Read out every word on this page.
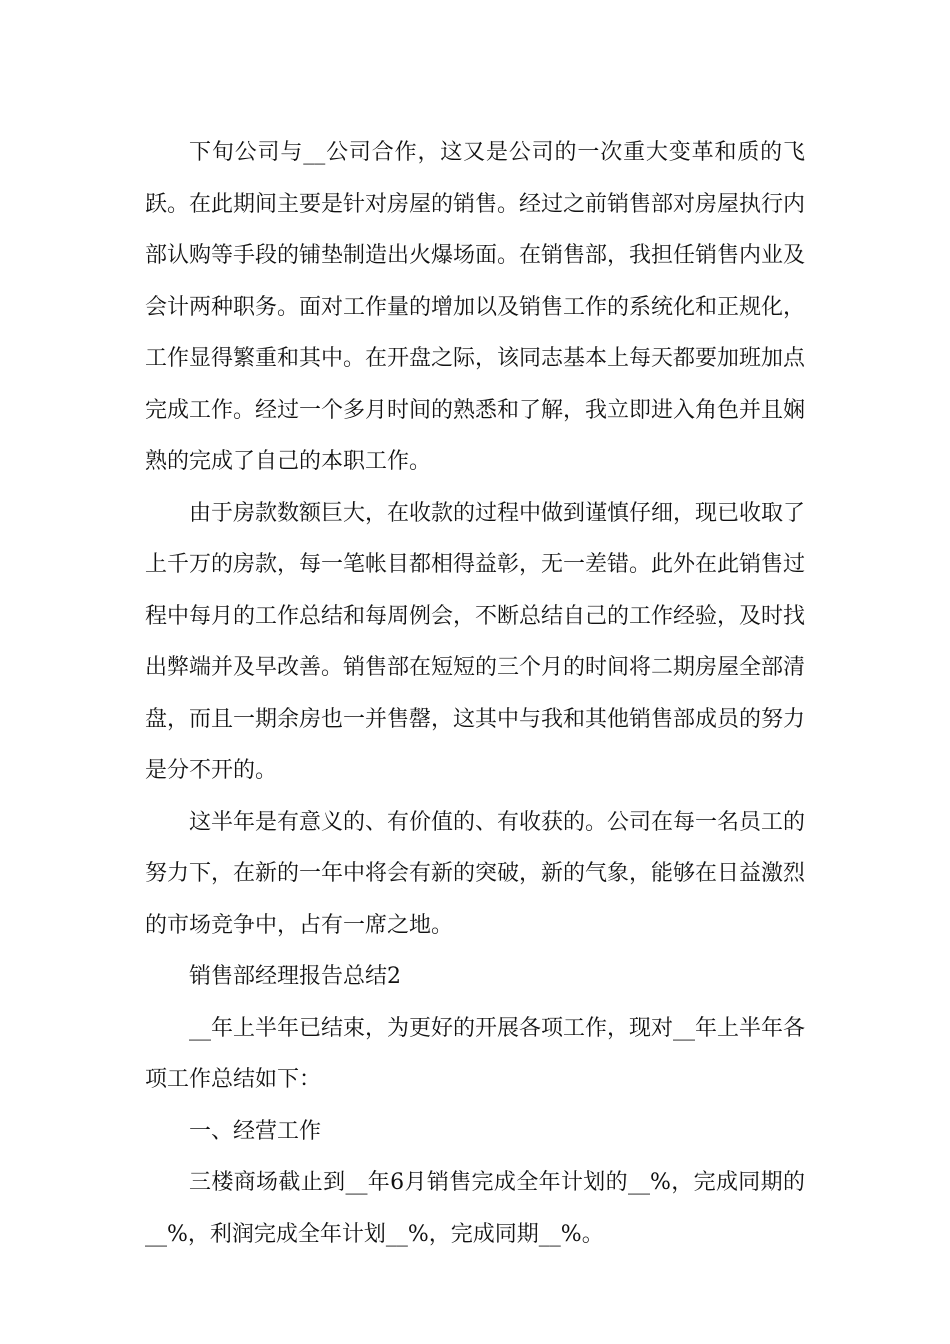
下旬公司与__公司合作，这又是公司的一次重大变革和质的飞跃。在此期间主要是针对房屋的销售。经过之前销售部对房屋执行内部认购等手段的铺垫制造出火爆场面。在销售部，我担任销售内业及会计两种职务。面对工作量的增加以及销售工作的系统化和正规化，工作显得繁重和其中。在开盘之际，该同志基本上每天都要加班加点完成工作。经过一个多月时间的熟悉和了解，我立即进入角色并且娴熟的完成了自己的本职工作。

由于房款数额巨大，在收款的过程中做到谨慎仔细，现已收取了上千万的房款，每一笔帐目都相得益彰，无一差错。此外在此销售过程中每月的工作总结和每周例会，不断总结自己的工作经验，及时找出弊端并及早改善。销售部在短短的三个月的时间将二期房屋全部清盘，而且一期余房也一并售罄，这其中与我和其他销售部成员的努力是分不开的。

这半年是有意义的、有价值的、有收获的。公司在每一名员工的努力下，在新的一年中将会有新的突破，新的气象，能够在日益激烈的市场竞争中，占有一席之地。

销售部经理报告总结2

__年上半年已结束，为更好的开展各项工作，现对__年上半年各项工作总结如下：

一、经营工作

三楼商场截止到__年6月销售完成全年计划的__%，完成同期的__%，利润完成全年计划__%，完成同期__%。
